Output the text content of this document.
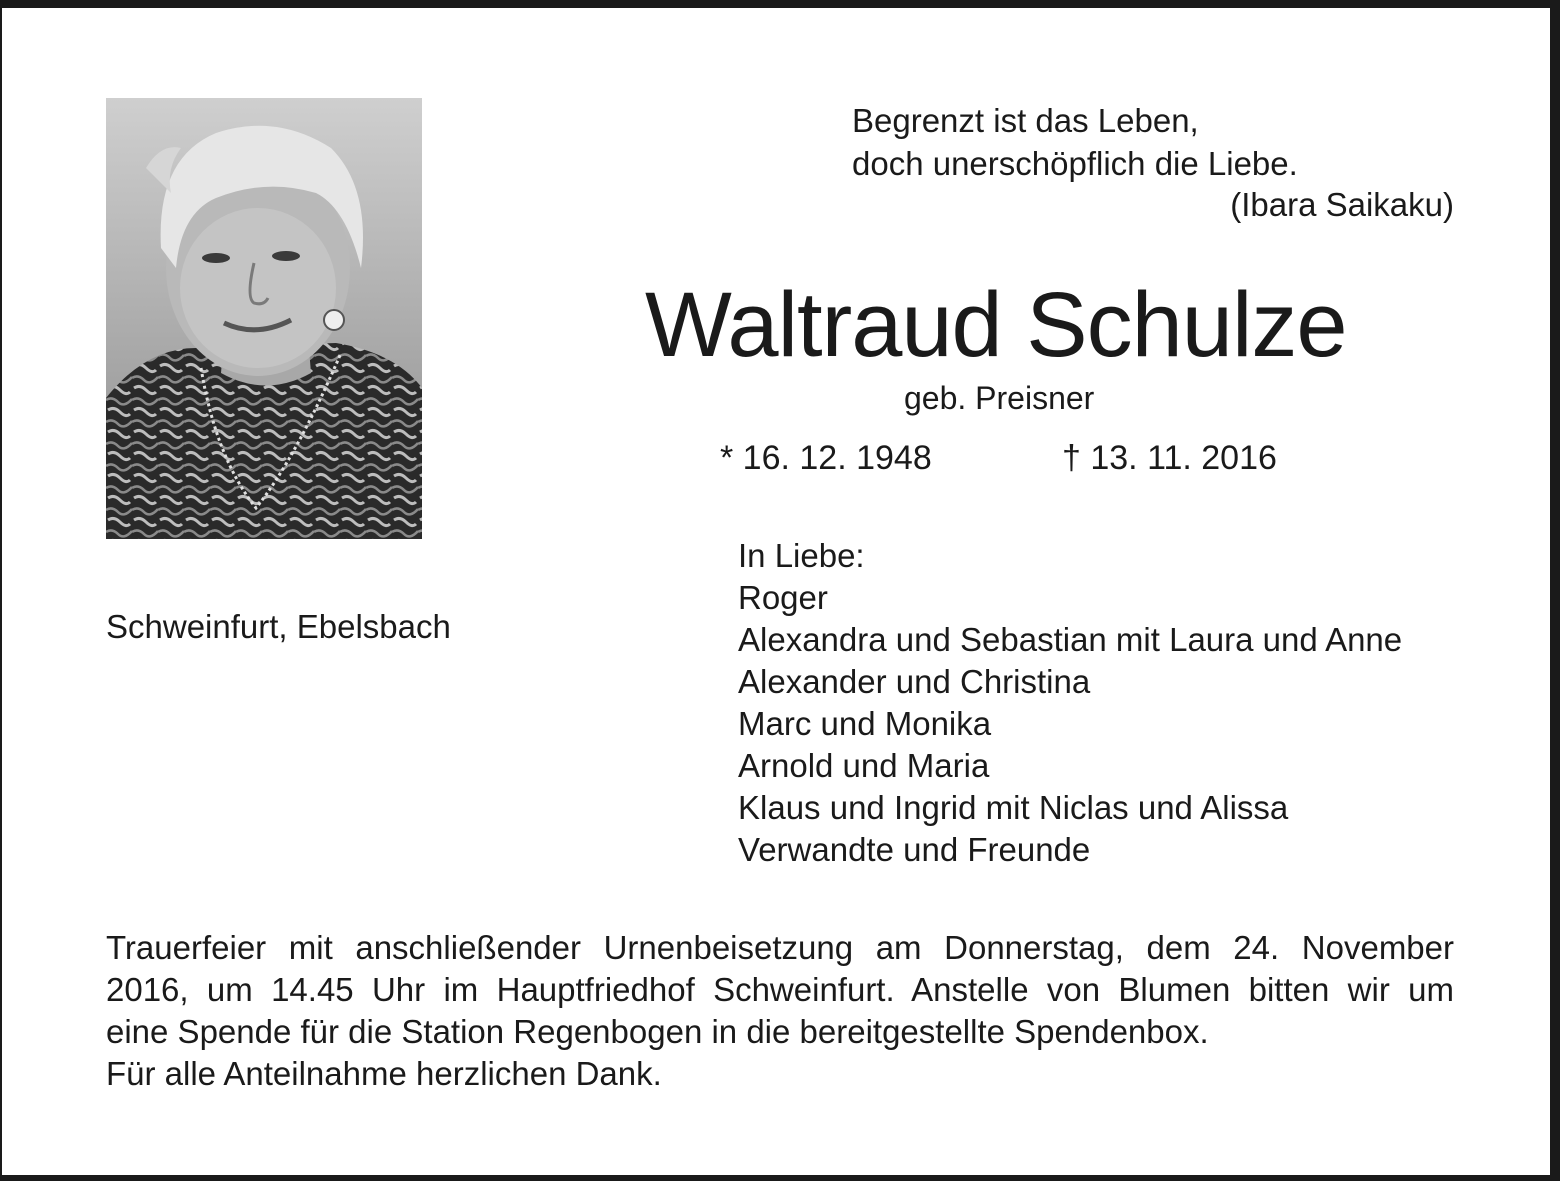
Begrenzt ist das Leben,
doch unerschöpflich die Liebe.
(Ibara Saikaku)
Waltraud Schulze
geb. Preisner
* 16. 12. 1948	† 13. 11. 2016
Schweinfurt, Ebelsbach
In Liebe:
Roger
Alexandra und Sebastian mit Laura und Anne
Alexander und Christina
Marc und Monika
Arnold und Maria
Klaus und Ingrid mit Niclas und Alissa
Verwandte und Freunde
Trauerfeier mit anschließender Urnenbeisetzung am Donnerstag, dem 24. November
2016, um 14.45 Uhr im Hauptfriedhof Schweinfurt. Anstelle von Blumen bitten wir um
eine Spende für die Station Regenbogen in die bereitgestellte Spendenbox.
Für alle Anteilnahme herzlichen Dank.
